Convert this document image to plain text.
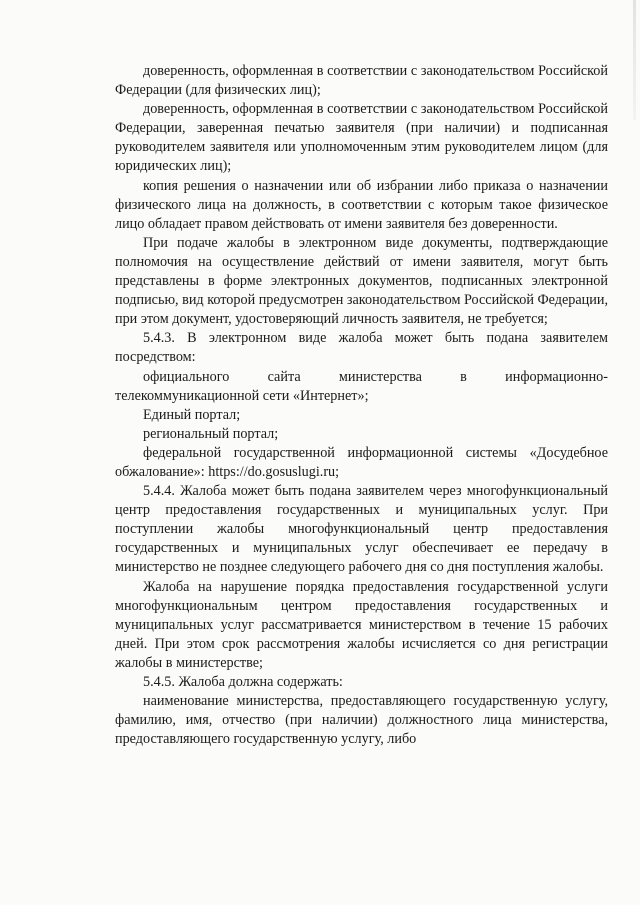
доверенность, оформленная в соответствии с законодательством Российской Федерации (для физических лиц);

доверенность, оформленная в соответствии с законодательством Российской Федерации, заверенная печатью заявителя (при наличии) и подписанная руководителем заявителя или уполномоченным этим руководителем лицом (для юридических лиц);

копия решения о назначении или об избрании либо приказа о назначении физического лица на должность, в соответствии с которым такое физическое лицо обладает правом действовать от имени заявителя без доверенности.

При подаче жалобы в электронном виде документы, подтверждающие полномочия на осуществление действий от имени заявителя, могут быть представлены в форме электронных документов, подписанных электронной подписью, вид которой предусмотрен законодательством Российской Федерации, при этом документ, удостоверяющий личность заявителя, не требуется;

5.4.3. В электронном виде жалоба может быть подана заявителем посредством:

официального сайта министерства в информационно-телекоммуникационной сети «Интернет»;

Единый портал;

региональный портал;

федеральной государственной информационной системы «Досудебное обжалование»: https://do.gosuslugi.ru;

5.4.4. Жалоба может быть подана заявителем через многофункциональный центр предоставления государственных и муниципальных услуг. При поступлении жалобы многофункциональный центр предоставления государственных и муниципальных услуг обеспечивает ее передачу в министерство не позднее следующего рабочего дня со дня поступления жалобы.

Жалоба на нарушение порядка предоставления государственной услуги многофункциональным центром предоставления государственных и муниципальных услуг рассматривается министерством в течение 15 рабочих дней. При этом срок рассмотрения жалобы исчисляется со дня регистрации жалобы в министерстве;

5.4.5. Жалоба должна содержать:

наименование министерства, предоставляющего государственную услугу, фамилию, имя, отчество (при наличии) должностного лица министерства, предоставляющего государственную услугу, либо
